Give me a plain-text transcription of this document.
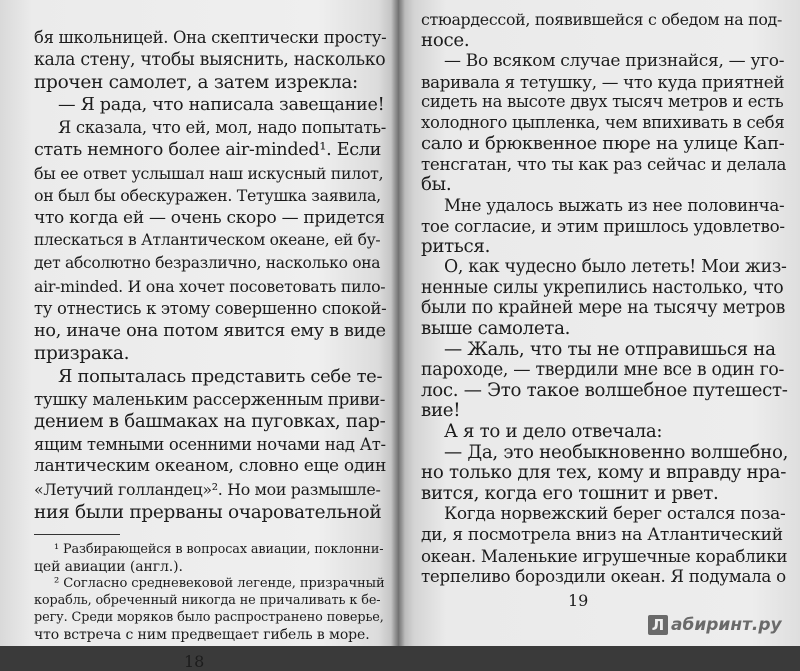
бя школьницей. Она скептически просту-
кала стену, чтобы выяснить, насколько
прочен самолет, а затем изрекла:
— Я рада, что написала завещание!
Я сказала, что ей, мол, надо попытать-
стать немного более air-minded¹. Если
бы ее ответ услышал наш искусный пилот,
он был бы обескуражен. Тетушка заявила,
что когда ей — очень скоро — придется
плескаться в Атлантическом океане, ей бу-
дет абсолютно безразлично, насколько она
air-minded. И она хочет посоветовать пило-
ту отнестись к этому совершенно спокой-
но, иначе она потом явится ему в виде
призрака.
Я попыталась представить себе те-
тушку маленьким рассерженным приви-
дением в башмаках на пуговках, пар-
ящим темными осенними ночами над Ат-
лантическим океаном, словно еще один
«Летучий голландец»². Но мои размышле-
ния были прерваны очаровательной
¹ Разбирающейся в вопросах авиации, поклонни-
цей авиации (англ.).
² Согласно средневековой легенде, призрачный
корабль, обреченный никогда не причаливать к бе-
регу. Среди моряков было распространено поверье,
что встреча с ним предвещает гибель в море.
18
стюардессой, появившейся с обедом на под-
носе.
— Во всяком случае признайся, — уго-
варивала я тетушку, — что куда приятней
сидеть на высоте двух тысяч метров и есть
холодного цыпленка, чем впихивать в себя
сало и брюквенное пюре на улице Кап-
тенсгатан, что ты как раз сейчас и делала
бы.
Мне удалось выжать из нее половинча-
тое согласие, и этим пришлось удовлетво-
риться.
О, как чудесно было лететь! Мои жиз-
ненные силы укрепились настолько, что
были по крайней мере на тысячу метров
выше самолета.
— Жаль, что ты не отправишься на
пароходе, — твердили мне все в один го-
лос. — Это такое волшебное путешест-
вие!
А я то и дело отвечала:
— Да, это необыкновенно волшебно,
но только для тех, кому и вправду нра-
вится, когда его тошнит и рвет.
Когда норвежский берег остался поза-
ди, я посмотрела вниз на Атлантический
океан. Маленькие игрушечные кораблики
терпеливо бороздили океан. Я подумала о
19
Л абиринт.ру
